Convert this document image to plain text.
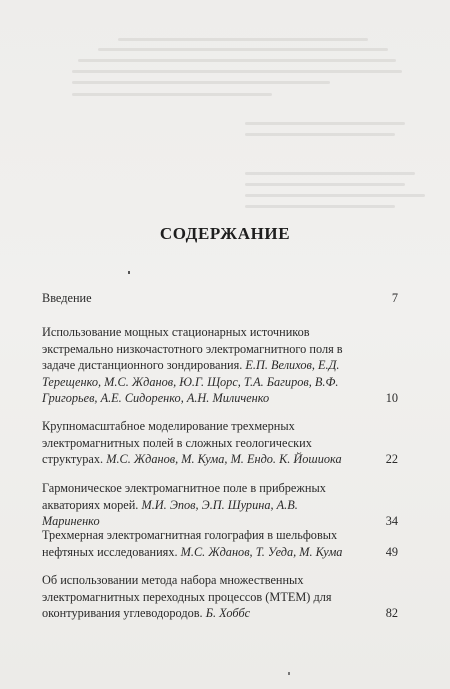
СОДЕРЖАНИЕ
Введение	7
Использование мощных стационарных источников экстремально низкочастотного электромагнитного поля в задаче дистанционного зондирования. Е.П. Велихов, Е.Д. Терещенко, М.С. Жданов, Ю.Г. Щорс, Т.А. Багиров, В.Ф. Григорьев, А.Е. Сидоренко, А.Н. Миличенко	10
Крупномасштабное моделирование трехмерных электромагнитных полей в сложных геологических структурах. М.С. Жданов, М. Кума, М. Ендо. К. Йошиока	22
Гармоническое электромагнитное поле в прибрежных акваториях морей. М.И. Эпов, Э.П. Шурина, А.В. Мариненко	34
Трехмерная электромагнитная голография в шельфовых нефтяных исследованиях. М.С. Жданов, Т. Уеда, М. Кума	49
Об использовании метода набора множественных электромагнитных переходных процессов (МТЕМ) для оконтуривания углеводородов. Б. Хоббс	82
